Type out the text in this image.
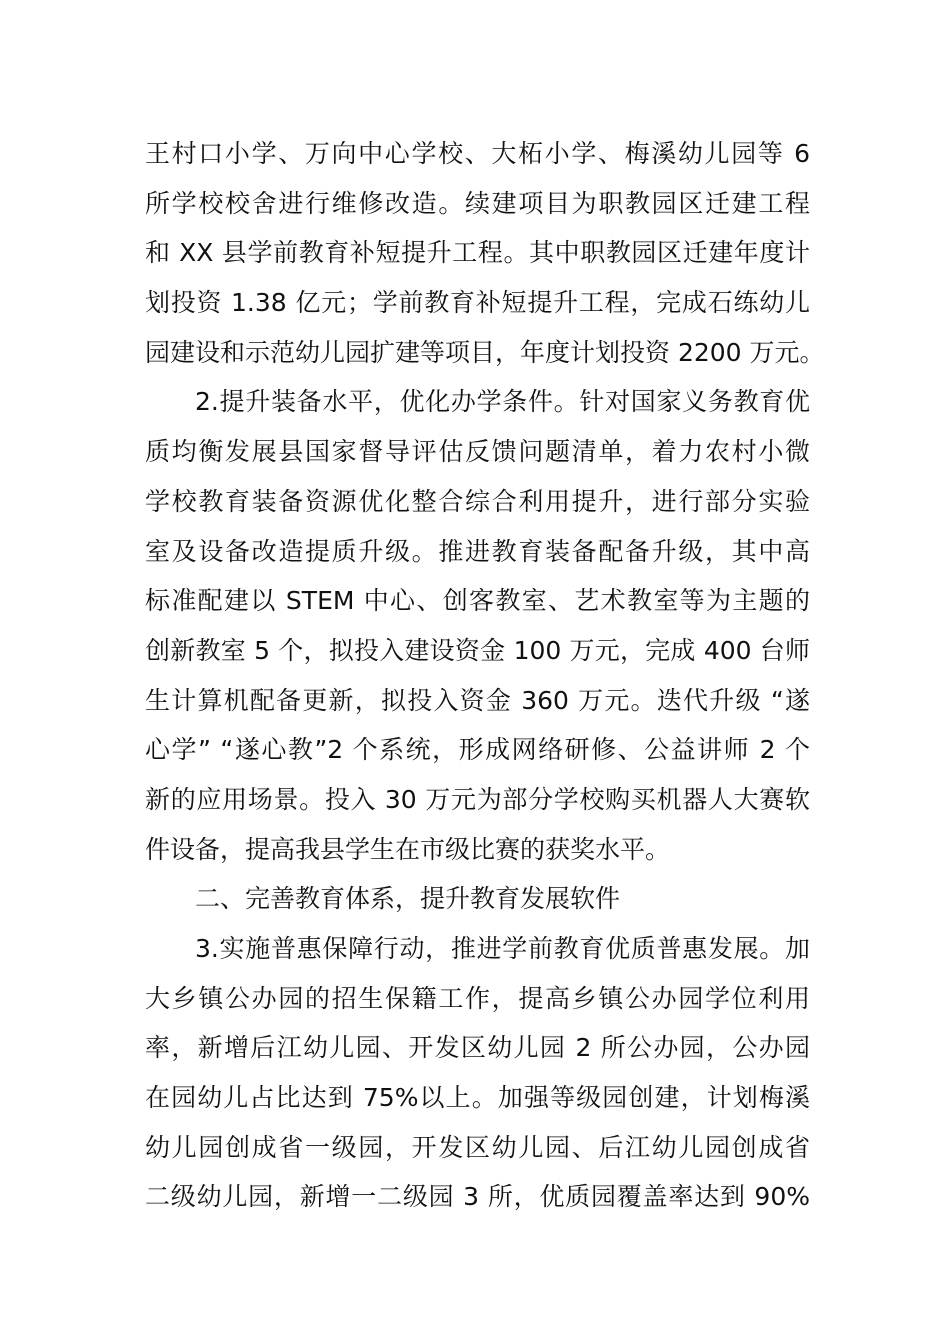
王村口小学、万向中心学校、大柘小学、梅溪幼儿园等 6
所学校校舍进行维修改造。续建项目为职教园区迁建工程
和 XX 县学前教育补短提升工程。其中职教园区迁建年度计
划投资 1.38 亿元；学前教育补短提升工程，完成石练幼儿
园建设和示范幼儿园扩建等项目，年度计划投资 2200 万元。
2.提升装备水平，优化办学条件。针对国家义务教育优
质均衡发展县国家督导评估反馈问题清单，着力农村小微
学校教育装备资源优化整合综合利用提升，进行部分实验
室及设备改造提质升级。推进教育装备配备升级，其中高
标准配建以 STEM 中心、创客教室、艺术教室等为主题的
创新教室 5 个，拟投入建设资金 100 万元，完成 400 台师
生计算机配备更新，拟投入资金 360 万元。迭代升级 “遂
心学” “遂心教”2 个系统，形成网络研修、公益讲师 2 个
新的应用场景。投入 30 万元为部分学校购买机器人大赛软
件设备，提高我县学生在市级比赛的获奖水平。
二、完善教育体系，提升教育发展软件
3.实施普惠保障行动，推进学前教育优质普惠发展。加
大乡镇公办园的招生保籍工作，提高乡镇公办园学位利用
率，新增后江幼儿园、开发区幼儿园 2 所公办园，公办园
在园幼儿占比达到 75%以上。加强等级园创建，计划梅溪
幼儿园创成省一级园，开发区幼儿园、后江幼儿园创成省
二级幼儿园，新增一二级园 3 所，优质园覆盖率达到 90%
